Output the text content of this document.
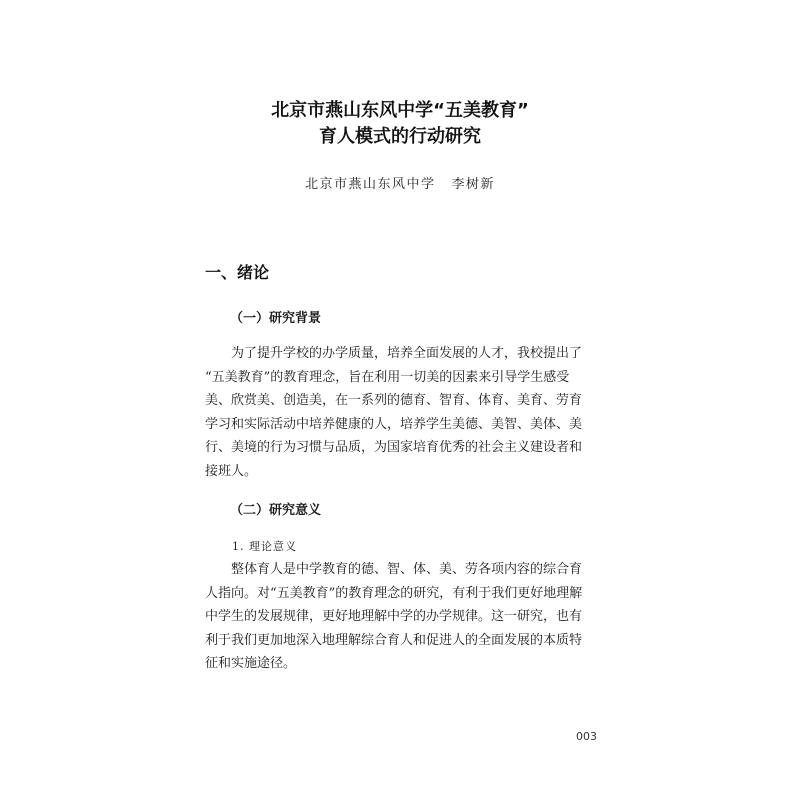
北京市燕山东风中学“五美教育”
育人模式的行动研究
北京市燕山东风中学 李树新
一、绪论
（一）研究背景
为了提升学校的办学质量，培养全面发展的人才，我校提出了
“五美教育”的教育理念，旨在利用一切美的因素来引导学生感受
美、欣赏美、创造美，在一系列的德育、智育、体育、美育、劳育
学习和实际活动中培养健康的人，培养学生美德、美智、美体、美
行、美境的行为习惯与品质，为国家培育优秀的社会主义建设者和
接班人。
（二）研究意义
1. 理论意义
整体育人是中学教育的德、智、体、美、劳各项内容的综合育
人指向。对“五美教育”的教育理念的研究，有利于我们更好地理解
中学生的发展规律，更好地理解中学的办学规律。这一研究，也有
利于我们更加地深入地理解综合育人和促进人的全面发展的本质特
征和实施途径。
003
